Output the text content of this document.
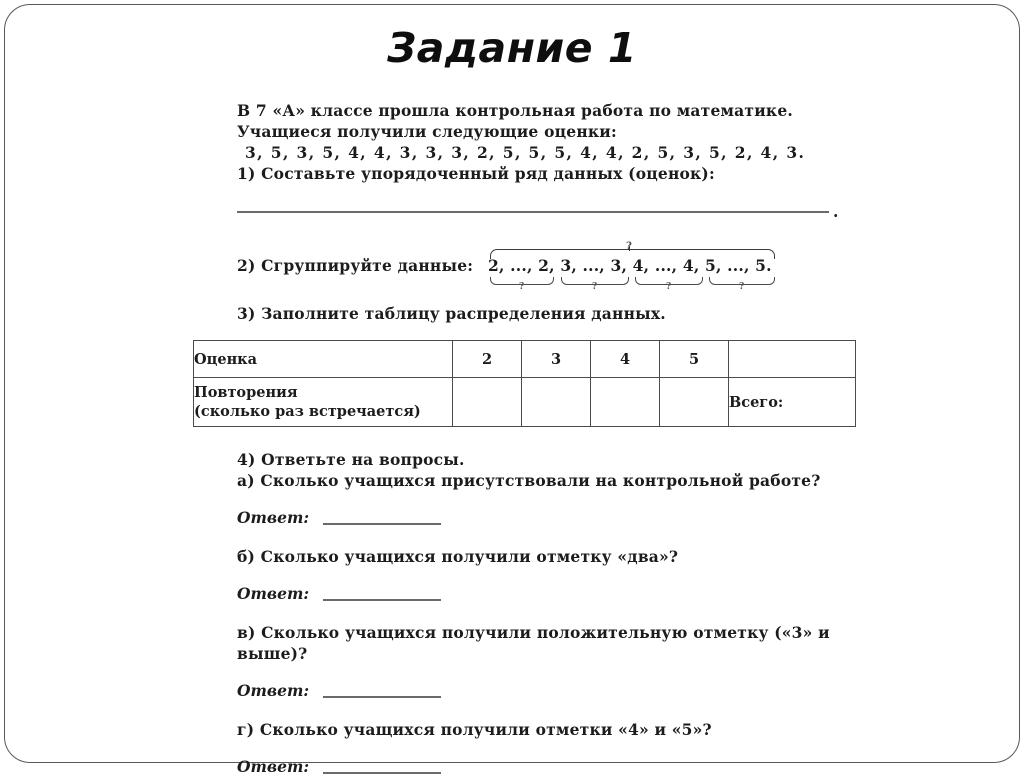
Задание 1
В 7 «А» классе прошла контрольная работа по математике.
Учащиеся получили следующие оценки:
3, 5, 3, 5, 4, 4, 3, 3, 3, 2, 5, 5, 5, 4, 4, 2, 5, 3, 5, 2, 4, 3.
1) Составьте упорядоченный ряд данных (оценок):
.
2) Сгруппируйте данные:
?
2, ..., 2, 3, ..., 3, 4, ..., 4, 5, ..., 5.
?	?	?	?
3) Заполните таблицу распределения данных.
Оценка	2	3	4	5	

Повторения
(сколько раз встречается)					Всего:
4) Ответьте на вопросы.
а) Сколько учащихся присутствовали на контрольной работе?
Ответ:
б) Сколько учащихся получили отметку «два»?
Ответ:
в) Сколько учащихся получили положительную отметку («3» и выше)?
Ответ:
г) Сколько учащихся получили отметки «4» и «5»?
Ответ:
